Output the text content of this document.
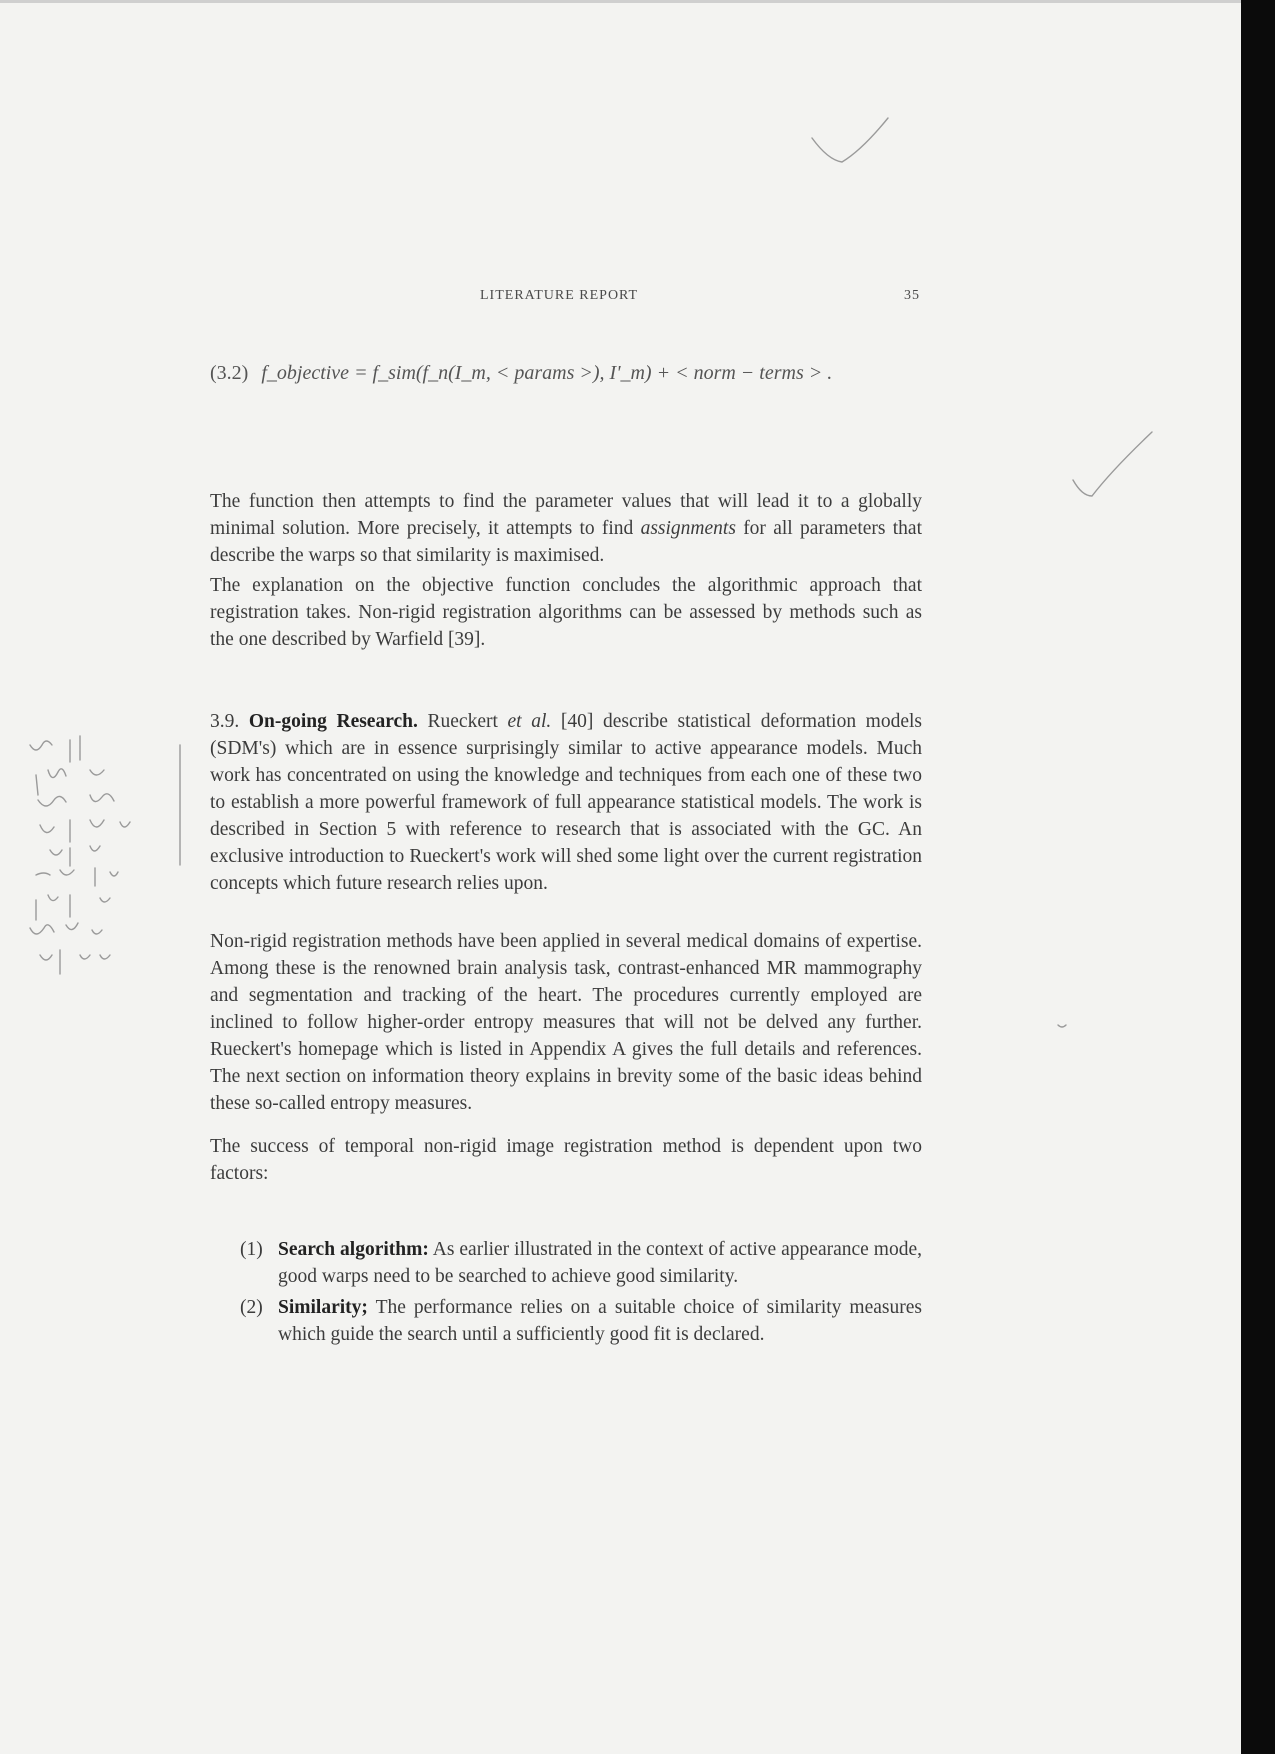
LITERATURE REPORT	35
(3.2) f_objective = f_sim(f_n(I_m, < params >), I'_m) + < norm − terms > .

The function then attempts to find the parameter values that will lead it to a globally minimal solution. More precisely, it attempts to find assignments for all parameters that describe the warps so that similarity is maximised.

The explanation on the objective function concludes the algorithmic approach that registration takes. Non-rigid registration algorithms can be assessed by methods such as the one described by Warfield [39].

3.9. On-going Research. Rueckert et al. [40] describe statistical deformation models (SDM's) which are in essence surprisingly similar to active appearance models. Much work has concentrated on using the knowledge and techniques from each one of these two to establish a more powerful framework of full appearance statistical models. The work is described in Section 5 with reference to research that is associated with the GC. An exclusive introduction to Rueckert's work will shed some light over the current registration concepts which future research relies upon.

Non-rigid registration methods have been applied in several medical domains of expertise. Among these is the renowned brain analysis task, contrast-enhanced MR mammography and segmentation and tracking of the heart. The procedures currently employed are inclined to follow higher-order entropy measures that will not be delved any further. Rueckert's homepage which is listed in Appendix A gives the full details and references. The next section on information theory explains in brevity some of the basic ideas behind these so-called entropy measures.

The success of temporal non-rigid image registration method is dependent upon two factors:

(1) Search algorithm: As earlier illustrated in the context of active appearance mode, good warps need to be searched to achieve good similarity.
(2) Similarity; The performance relies on a suitable choice of similarity measures which guide the search until a sufficiently good fit is declared.
